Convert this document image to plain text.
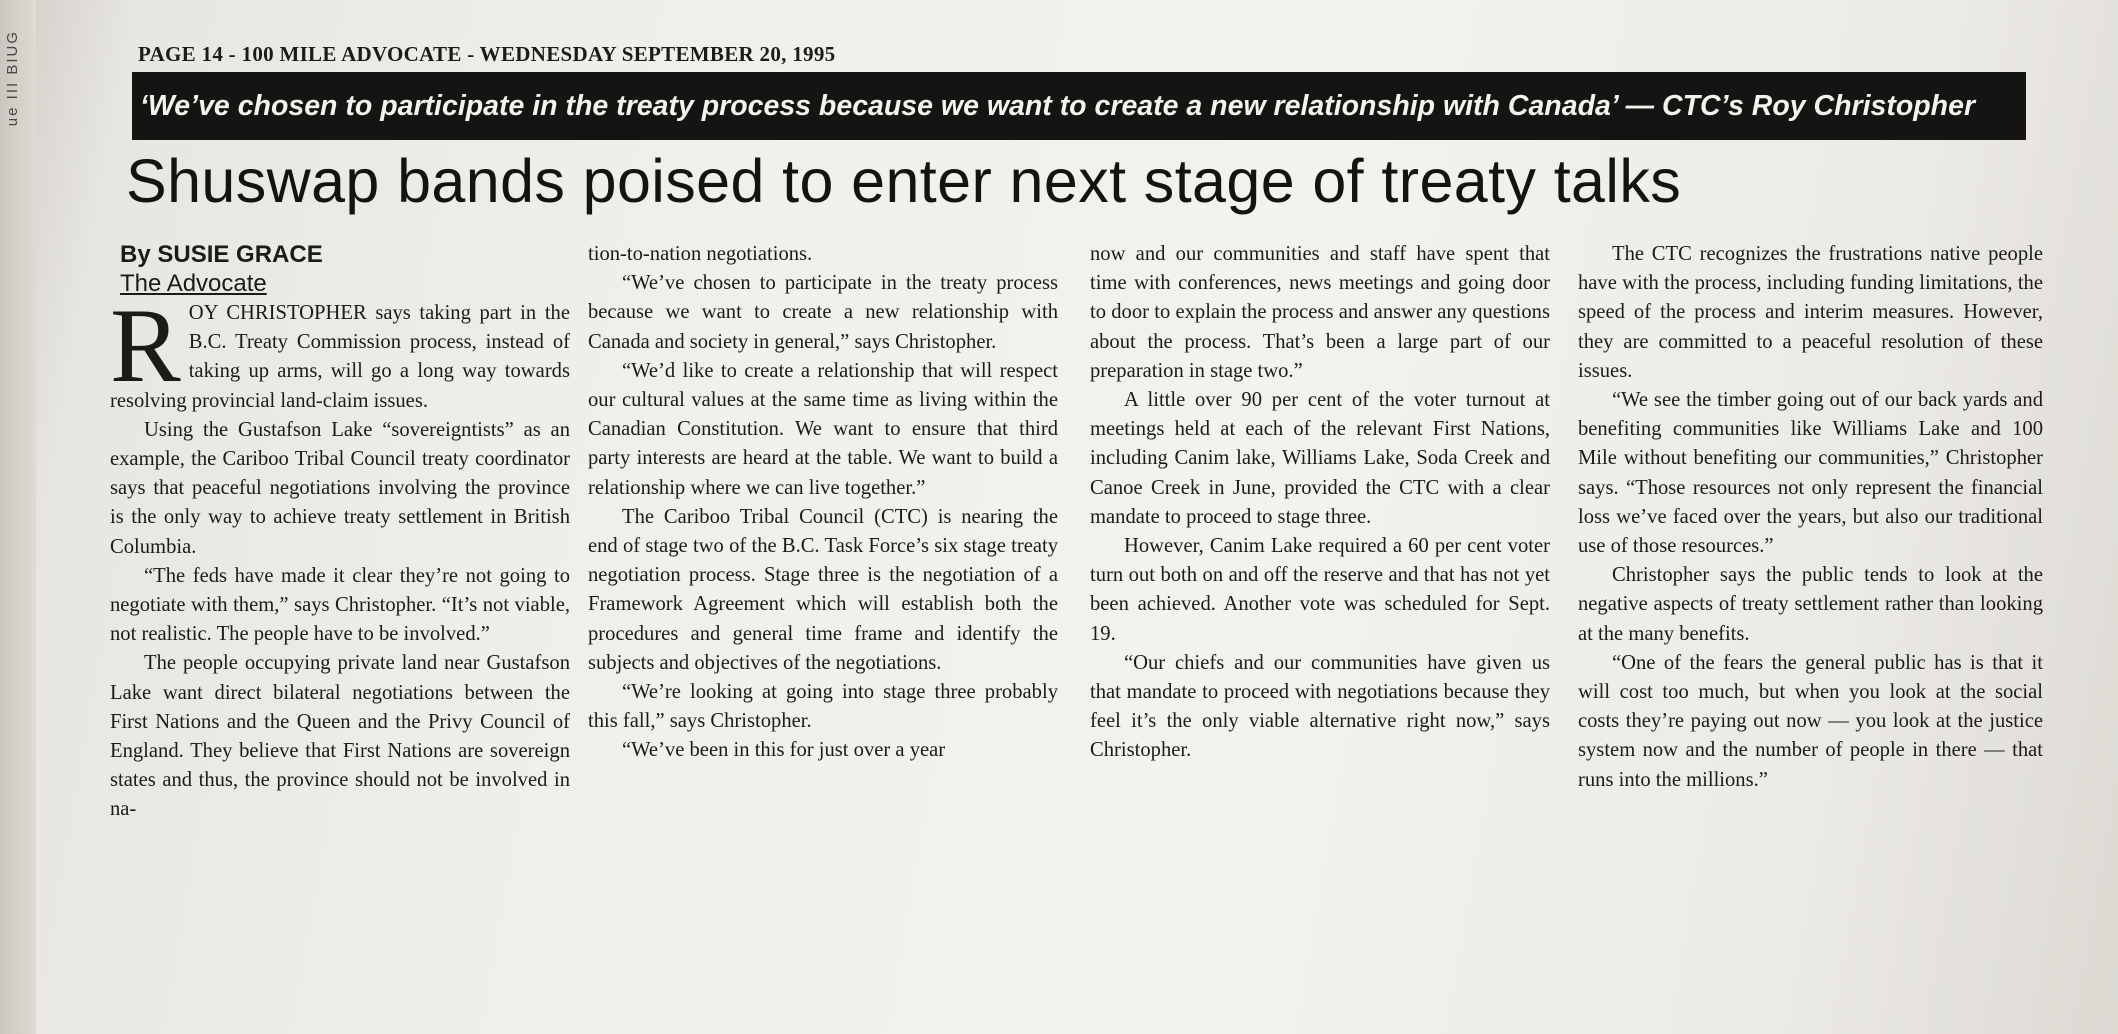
ue III BIUG	PAGE 14 - 100 MILE ADVOCATE - WEDNESDAY SEPTEMBER 20, 1995
‘We’ve chosen to participate in the treaty process because we want to create a new relationship with Canada’ — CTC’s Roy Christopher
Shuswap bands poised to enter next stage of treaty talks
By SUSIE GRACE
The Advocate

ROY CHRISTOPHER says taking part in the B.C. Treaty Commission process, instead of taking up arms, will go a long way towards resolving provincial land-claim issues.

Using the Gustafson Lake “sovereigntists” as an example, the Cariboo Tribal Council treaty coordinator says that peaceful negotiations involving the province is the only way to achieve treaty settlement in British Columbia.

“The feds have made it clear they’re not going to negotiate with them,” says Christopher. “It’s not viable, not realistic. The people have to be involved.”

The people occupying private land near Gustafson Lake want direct bilateral negotiations between the First Nations and the Queen and the Privy Council of England. They believe that First Nations are sovereign states and thus, the province should not be involved in na-

tion-to-nation negotiations.

“We’ve chosen to participate in the treaty process because we want to create a new relationship with Canada and society in general,” says Christopher.

“We’d like to create a relationship that will respect our cultural values at the same time as living within the Canadian Constitution. We want to ensure that third party interests are heard at the table. We want to build a relationship where we can live together.”

The Cariboo Tribal Council (CTC) is nearing the end of stage two of the B.C. Task Force’s six stage treaty negotiation process. Stage three is the negotiation of a Framework Agreement which will establish both the procedures and general time frame and identify the subjects and objectives of the negotiations.

“We’re looking at going into stage three probably this fall,” says Christopher.

“We’ve been in this for just over a year

now and our communities and staff have spent that time with conferences, news meetings and going door to door to explain the process and answer any questions about the process. That’s been a large part of our preparation in stage two.”

A little over 90 per cent of the voter turnout at meetings held at each of the relevant First Nations, including Canim lake, Williams Lake, Soda Creek and Canoe Creek in June, provided the CTC with a clear mandate to proceed to stage three.

However, Canim Lake required a 60 per cent voter turn out both on and off the reserve and that has not yet been achieved. Another vote was scheduled for Sept. 19.

“Our chiefs and our communities have given us that mandate to proceed with negotiations because they feel it’s the only viable alternative right now,” says Christopher.

The CTC recognizes the frustrations native people have with the process, including funding limitations, the speed of the process and interim measures. However, they are committed to a peaceful resolution of these issues.

“We see the timber going out of our back yards and benefiting communities like Williams Lake and 100 Mile without benefiting our communities,” Christopher says. “Those resources not only represent the financial loss we’ve faced over the years, but also our traditional use of those resources.”

Christopher says the public tends to look at the negative aspects of treaty settlement rather than looking at the many benefits.

“One of the fears the general public has is that it will cost too much, but when you look at the social costs they’re paying out now — you look at the justice system now and the number of people in there — that runs into the millions.”
